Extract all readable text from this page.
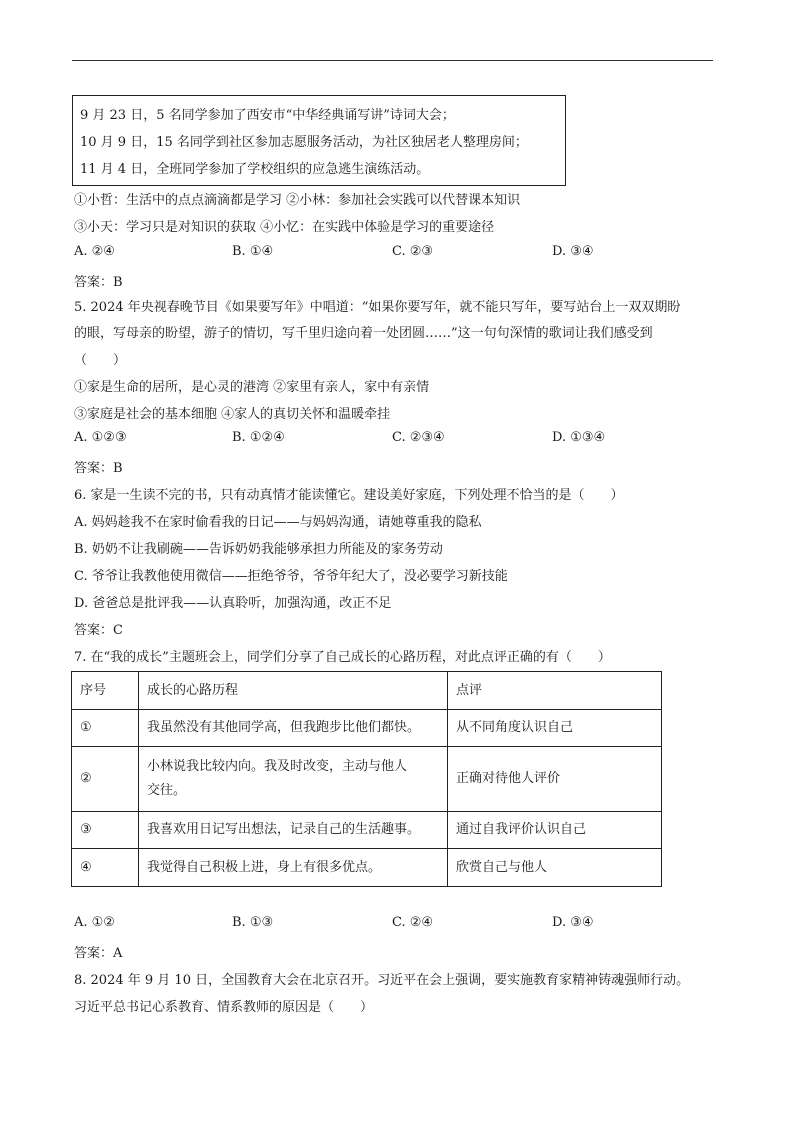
9 月 23 日，5 名同学参加了西安市“中华经典诵写讲”诗词大会；
10 月 9 日，15 名同学到社区参加志愿服务活动，为社区独居老人整理房间；
11 月 4 日，全班同学参加了学校组织的应急逃生演练活动。
①小哲：生活中的点点滴滴都是学习 ②小林：参加社会实践可以代替课本知识
③小天：学习只是对知识的获取 ④小忆：在实践中体验是学习的重要途径
A. ②④	B. ①④	C. ②③	D. ③④
答案：B
5. 2024 年央视春晚节目《如果要写年》中唱道：“如果你要写年，就不能只写年，要写站台上一双双期盼
的眼，写母亲的盼望，游子的情切，写千里归途向着一处团圆……”这一句句深情的歌词让我们感受到
（　　）
①家是生命的居所，是心灵的港湾 ②家里有亲人，家中有亲情
③家庭是社会的基本细胞 ④家人的真切关怀和温暖牵挂
A. ①②③	B. ①②④	C. ②③④	D. ①③④
答案：B
6. 家是一生读不完的书，只有动真情才能读懂它。建设美好家庭，下列处理不恰当的是（　　）
A. 妈妈趁我不在家时偷看我的日记——与妈妈沟通，请她尊重我的隐私
B. 奶奶不让我刷碗——告诉奶奶我能够承担力所能及的家务劳动
C. 爷爷让我教他使用微信——拒绝爷爷，爷爷年纪大了，没必要学习新技能
D. 爸爸总是批评我——认真聆听，加强沟通，改正不足
答案：C
7. 在“我的成长”主题班会上，同学们分享了自己成长的心路历程，对此点评正确的有（　　）
序号	成长的心路历程	点评
①	我虽然没有其他同学高，但我跑步比他们都快。	从不同角度认识自己
②	小林说我比较内向。我及时改变，主动与他人交往。	正确对待他人评价
③	我喜欢用日记写出想法，记录自己的生活趣事。	通过自我评价认识自己
④	我觉得自己积极上进，身上有很多优点。	欣赏自己与他人
A. ①②	B. ①③	C. ②④	D. ③④
答案：A
8. 2024 年 9 月 10 日，全国教育大会在北京召开。习近平在会上强调，要实施教育家精神铸魂强师行动。
习近平总书记心系教育、情系教师的原因是（　　）
